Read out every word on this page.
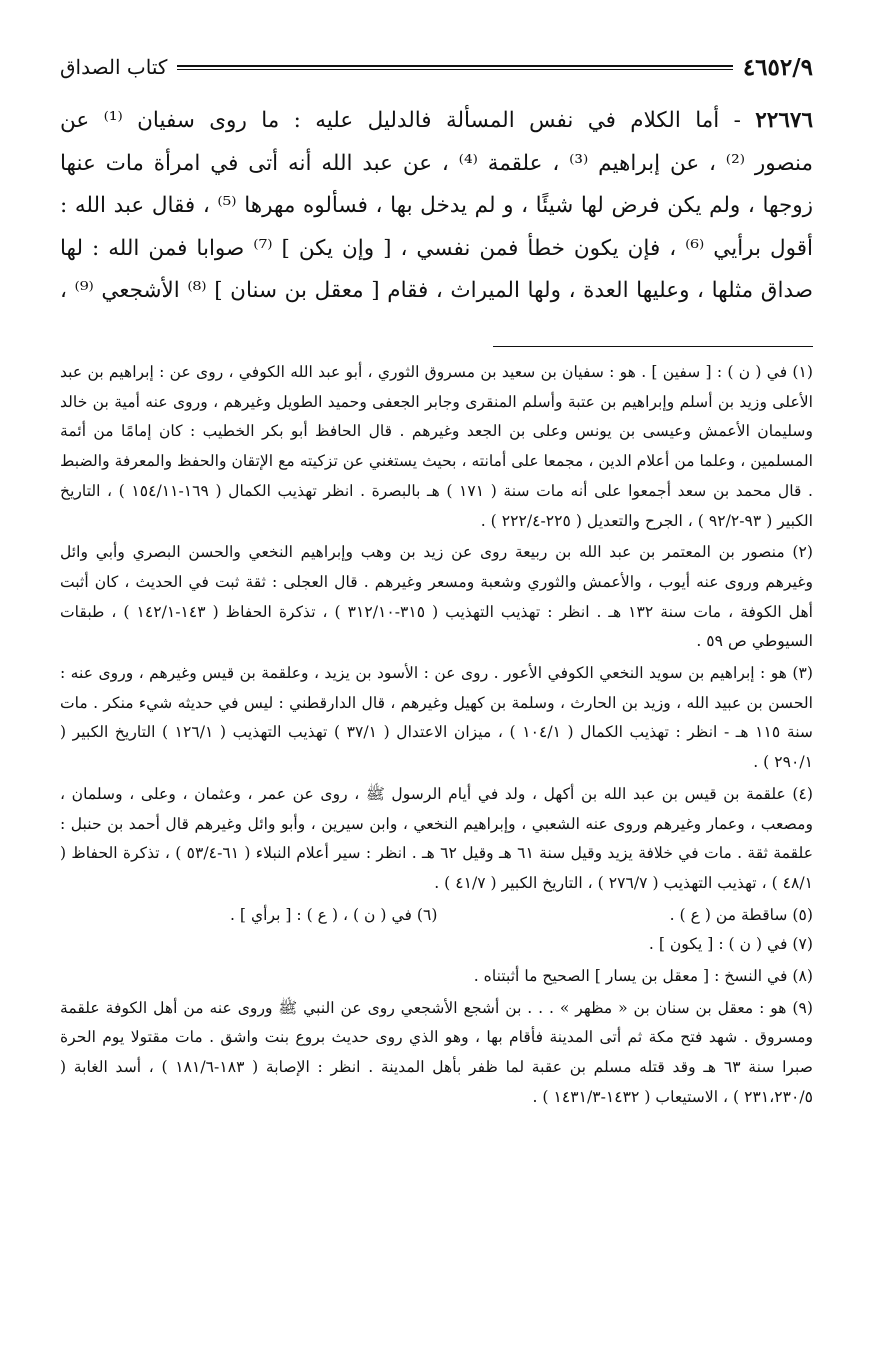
٤٦٥٢/٩
كتاب الصداق
٢٢٦٧٦ - أما الكلام في نفس المسألة فالدليل عليه : ما روى سفيان ⁽¹⁾ عن
منصور ⁽²⁾ ، عن إبراهيم ⁽³⁾ ، علقمة ⁽⁴⁾ ، عن عبد الله أنه أتى في امرأة مات عنها
زوجها ، ولم يكن فرض لها شيئًا ، و لم يدخل بها ، فسألوه مهرها ⁽⁵⁾ ، فقال عبد الله :
أقول برأيي ⁽⁶⁾ ، فإن يكون خطأ فمن نفسي ، [ وإن يكن ] ⁽⁷⁾ صوابا فمن الله : لها
صداق مثلها ، وعليها العدة ، ولها الميراث ، فقام [ معقل بن سنان ] ⁽⁸⁾ الأشجعي ⁽⁹⁾ ،

(١) في ( ن ) : [ سفين ] . هو : سفيان بن سعيد بن مسروق الثوري ، أبو عبد الله الكوفي ، روى عن : إبراهيم بن عبد الأعلى وزيد بن أسلم وإبراهيم بن عتبة وأسلم المنقرى وجابر الجعفى وحميد الطويل وغيرهم ، وروى عنه أمية بن خالد وسليمان الأعمش وعيسى بن يونس وعلى بن الجعد وغيرهم . قال الحافظ أبو بكر الخطيب : كان إمامًا من أئمة المسلمين ، وعلما من أعلام الدين ، مجمعا على أمانته ، بحيث يستغني عن تزكيته مع الإتقان والحفظ والمعرفة والضبط . قال محمد بن سعد أجمعوا على أنه مات سنة ( ١٧١ ) هـ بالبصرة . انظر تهذيب الكمال ( ١٦٩-١٥٤/١١ ) ، التاريخ الكبير ( ٩٣-٩٢/٢ ) ، الجرح والتعديل ( ٢٢٥-٢٢٢/٤ ) .

(٢) منصور بن المعتمر بن عبد الله بن ربيعة روى عن زيد بن وهب وإبراهيم النخعي والحسن البصري وأبي وائل وغيرهم وروى عنه أيوب ، والأعمش والثوري وشعبة ومسعر وغيرهم . قال العجلى : ثقة ثبت في الحديث ، كان أثبت أهل الكوفة ، مات سنة ١٣٢ هـ . انظر : تهذيب التهذيب ( ٣١٥-٣١٢/١٠ ) ، تذكرة الحفاظ ( ١٤٣-١٤٢/١ ) ، طبقات السيوطي ص ٥٩ .

(٣) هو : إبراهيم بن سويد النخعي الكوفي الأعور . روى عن : الأسود بن يزيد ، وعلقمة بن قيس وغيرهم ، وروى عنه : الحسن بن عبيد الله ، وزيد بن الحارث ، وسلمة بن كهيل وغيرهم ، قال الدارقطني : ليس في حديثه شيء منكر . مات سنة ١١٥ هـ - انظر : تهذيب الكمال ( ١٠٤/١ ) ، ميزان الاعتدال ( ٣٧/١ ) تهذيب التهذيب ( ١٢٦/١ ) التاريخ الكبير ( ٢٩٠/١ ) .

(٤) علقمة بن قيس بن عبد الله بن أكهل ، ولد في أيام الرسول ﷺ ، روى عن عمر ، وعثمان ، وعلى ، وسلمان ، ومصعب ، وعمار وغيرهم وروى عنه الشعبي ، وإبراهيم النخعي ، وابن سيرين ، وأبو وائل وغيرهم قال أحمد بن حنبل : علقمة ثقة . مات في خلافة يزيد وقيل سنة ٦١ هـ وقيل ٦٢ هـ . انظر : سير أعلام النبلاء ( ٦١-٥٣/٤ ) ، تذكرة الحفاظ ( ٤٨/١ ) ، تهذيب التهذيب ( ٢٧٦/٧ ) ، التاريخ الكبير ( ٤١/٧ ) .

(٥) ساقطة من ( ع ) .

(٦) في ( ن ) ، ( ع ) : [ برأي ] .

(٧) في ( ن ) : [ يكون ] .

(٨) في النسخ : [ معقل بن يسار ] الصحيح ما أثبتناه .

(٩) هو : معقل بن سنان بن « مظهر » . . . بن أشجع الأشجعي روى عن النبي ﷺ وروى عنه من أهل الكوفة علقمة ومسروق . شهد فتح مكة ثم أتى المدينة فأقام بها ، وهو الذي روى حديث بروع بنت واشق . مات مقتولا يوم الحرة صبرا سنة ٦٣ هـ وقد قتله مسلم بن عقبة لما ظفر بأهل المدينة . انظر : الإصابة ( ١٨٣-١٨١/٦ ) ، أسد الغابة ( ٢٣١،٢٣٠/٥ ) ، الاستيعاب ( ١٤٣٢-١٤٣١/٣ ) .
